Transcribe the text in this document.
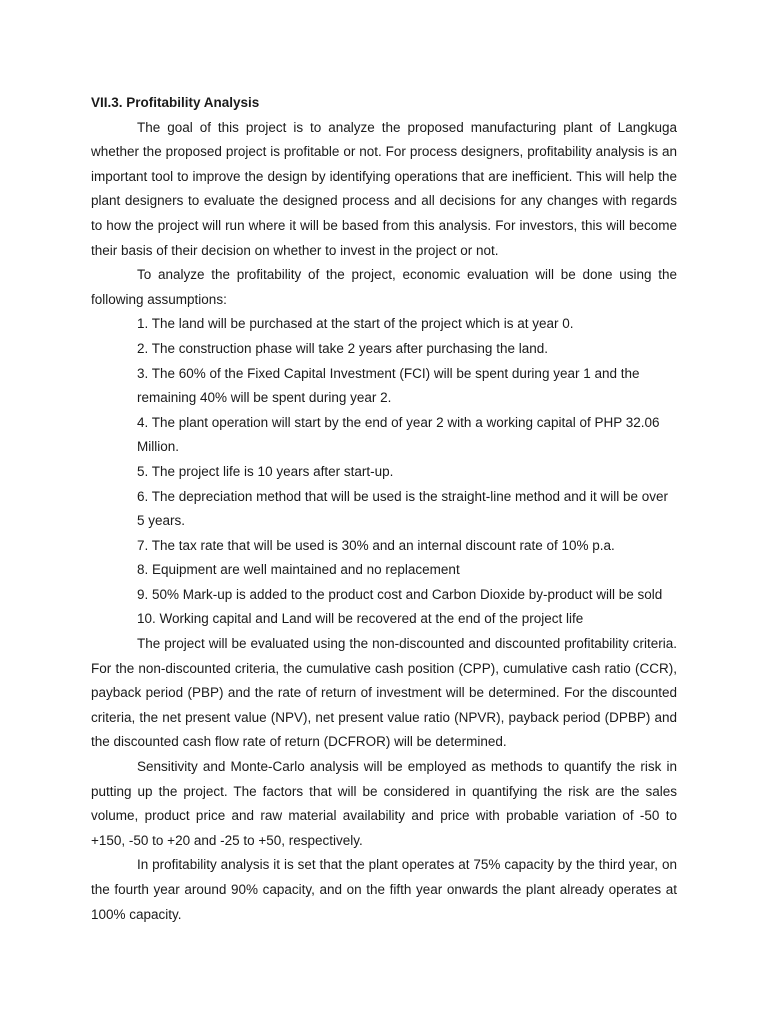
VII.3. Profitability Analysis

The goal of this project is to analyze the proposed manufacturing plant of Langkuga whether the proposed project is profitable or not. For process designers, profitability analysis is an important tool to improve the design by identifying operations that are inefficient. This will help the plant designers to evaluate the designed process and all decisions for any changes with regards to how the project will run where it will be based from this analysis. For investors, this will become their basis of their decision on whether to invest in the project or not.

To analyze the profitability of the project, economic evaluation will be done using the following assumptions:

1. The land will be purchased at the start of the project which is at year 0.
2. The construction phase will take 2 years after purchasing the land.
3. The 60% of the Fixed Capital Investment (FCI) will be spent during year 1 and the remaining 40% will be spent during year 2.
4. The plant operation will start by the end of year 2 with a working capital of PHP 32.06 Million.
5. The project life is 10 years after start-up.
6. The depreciation method that will be used is the straight-line method and it will be over 5 years.
7. The tax rate that will be used is 30% and an internal discount rate of 10% p.a.
8. Equipment are well maintained and no replacement
9. 50% Mark-up is added to the product cost and Carbon Dioxide by-product will be sold
10. Working capital and Land will be recovered at the end of the project life

The project will be evaluated using the non-discounted and discounted profitability criteria. For the non-discounted criteria, the cumulative cash position (CPP), cumulative cash ratio (CCR), payback period (PBP) and the rate of return of investment will be determined. For the discounted criteria, the net present value (NPV), net present value ratio (NPVR), payback period (DPBP) and the discounted cash flow rate of return (DCFROR) will be determined.

Sensitivity and Monte-Carlo analysis will be employed as methods to quantify the risk in putting up the project. The factors that will be considered in quantifying the risk are the sales volume, product price and raw material availability and price with probable variation of -50 to +150, -50 to +20 and -25 to +50, respectively.

In profitability analysis it is set that the plant operates at 75% capacity by the third year, on the fourth year around 90% capacity, and on the fifth year onwards the plant already operates at 100% capacity.
